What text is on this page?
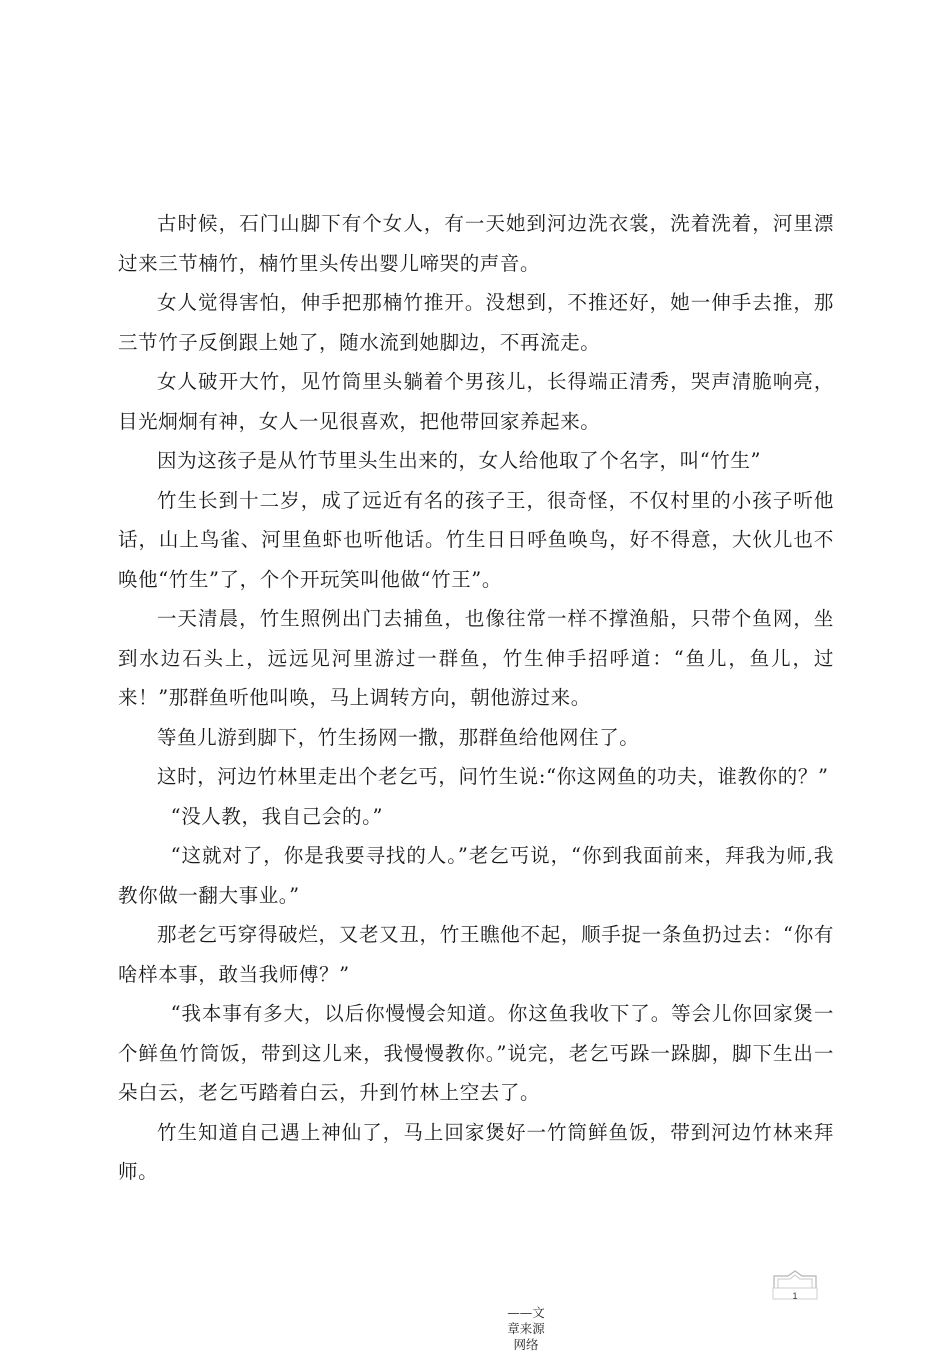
古时候，石门山脚下有个女人，有一天她到河边洗衣裳，洗着洗着，河里漂过来三节楠竹，楠竹里头传出婴儿啼哭的声音。

女人觉得害怕，伸手把那楠竹推开。没想到，不推还好，她一伸手去推，那三节竹子反倒跟上她了，随水流到她脚边，不再流走。

女人破开大竹，见竹筒里头躺着个男孩儿，长得端正清秀，哭声清脆响亮，目光炯炯有神，女人一见很喜欢，把他带回家养起来。

因为这孩子是从竹节里头生出来的，女人给他取了个名字，叫“竹生”

竹生长到十二岁，成了远近有名的孩子王，很奇怪，不仅村里的小孩子听他话，山上鸟雀、河里鱼虾也听他话。竹生日日呼鱼唤鸟，好不得意，大伙儿也不唤他“竹生”了，个个开玩笑叫他做“竹王”。

一天清晨，竹生照例出门去捕鱼，也像往常一样不撑渔船，只带个鱼网，坐到水边石头上，远远见河里游过一群鱼，竹生伸手招呼道：“鱼儿，鱼儿，过来！”那群鱼听他叫唤，马上调转方向，朝他游过来。

等鱼儿游到脚下，竹生扬网一撒，那群鱼给他网住了。

这时，河边竹林里走出个老乞丐，问竹生说:“你这网鱼的功夫，谁教你的？”

“没人教，我自己会的。”

“这就对了，你是我要寻找的人。”老乞丐说，“你到我面前来，拜我为师,我教你做一翻大事业。”

那老乞丐穿得破烂，又老又丑，竹王瞧他不起，顺手捉一条鱼扔过去：“你有啥样本事，敢当我师傅？”

“我本事有多大，以后你慢慢会知道。你这鱼我收下了。等会儿你回家煲一个鲜鱼竹筒饭，带到这儿来，我慢慢教你。”说完，老乞丐跺一跺脚，脚下生出一朵白云，老乞丐踏着白云，升到竹林上空去了。

竹生知道自己遇上神仙了，马上回家煲好一竹筒鲜鱼饭，带到河边竹林来拜师。

1
——文
章来源
网络
